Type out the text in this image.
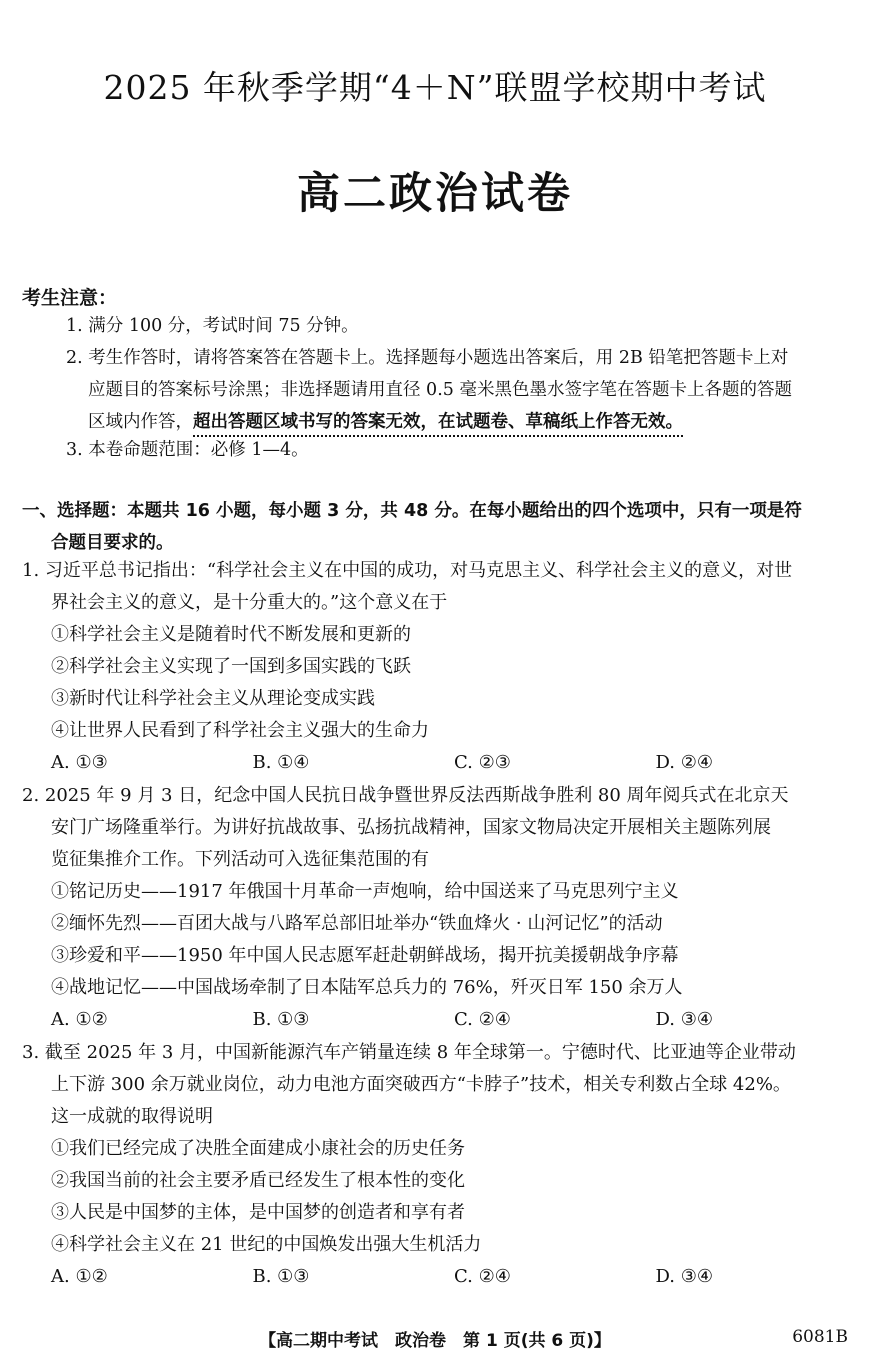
2025 年秋季学期“4＋N”联盟学校期中考试
高二政治试卷
考生注意：
1. 满分 100 分，考试时间 75 分钟。
2. 考生作答时，请将答案答在答题卡上。选择题每小题选出答案后，用 2B 铅笔把答题卡上对
应题目的答案标号涂黑；非选择题请用直径 0.5 毫米黑色墨水签字笔在答题卡上各题的答题
区域内作答，超出答题区域书写的答案无效，在试题卷、草稿纸上作答无效。
3. 本卷命题范围：必修 1—4。
一、选择题：本题共 16 小题，每小题 3 分，共 48 分。在每小题给出的四个选项中，只有一项是符
合题目要求的。
1. 习近平总书记指出：“科学社会主义在中国的成功，对马克思主义、科学社会主义的意义，对世
界社会主义的意义，是十分重大的。”这个意义在于
①科学社会主义是随着时代不断发展和更新的
②科学社会主义实现了一国到多国实践的飞跃
③新时代让科学社会主义从理论变成实践
④让世界人民看到了科学社会主义强大的生命力
A. ①③	B. ①④	C. ②③	D. ②④
2. 2025 年 9 月 3 日，纪念中国人民抗日战争暨世界反法西斯战争胜利 80 周年阅兵式在北京天
安门广场隆重举行。为讲好抗战故事、弘扬抗战精神，国家文物局决定开展相关主题陈列展
览征集推介工作。下列活动可入选征集范围的有
①铭记历史——1917 年俄国十月革命一声炮响，给中国送来了马克思列宁主义
②缅怀先烈——百团大战与八路军总部旧址举办“铁血烽火 · 山河记忆”的活动
③珍爱和平——1950 年中国人民志愿军赶赴朝鲜战场，揭开抗美援朝战争序幕
④战地记忆——中国战场牵制了日本陆军总兵力的 76%，歼灭日军 150 余万人
A. ①②	B. ①③	C. ②④	D. ③④
3. 截至 2025 年 3 月，中国新能源汽车产销量连续 8 年全球第一。宁德时代、比亚迪等企业带动
上下游 300 余万就业岗位，动力电池方面突破西方“卡脖子”技术，相关专利数占全球 42%。
这一成就的取得说明
①我们已经完成了决胜全面建成小康社会的历史任务
②我国当前的社会主要矛盾已经发生了根本性的变化
③人民是中国梦的主体，是中国梦的创造者和享有者
④科学社会主义在 21 世纪的中国焕发出强大生机活力
A. ①②	B. ①③	C. ②④	D. ③④
【高二期中考试　政治卷　第 1 页(共 6 页)】	6081B
